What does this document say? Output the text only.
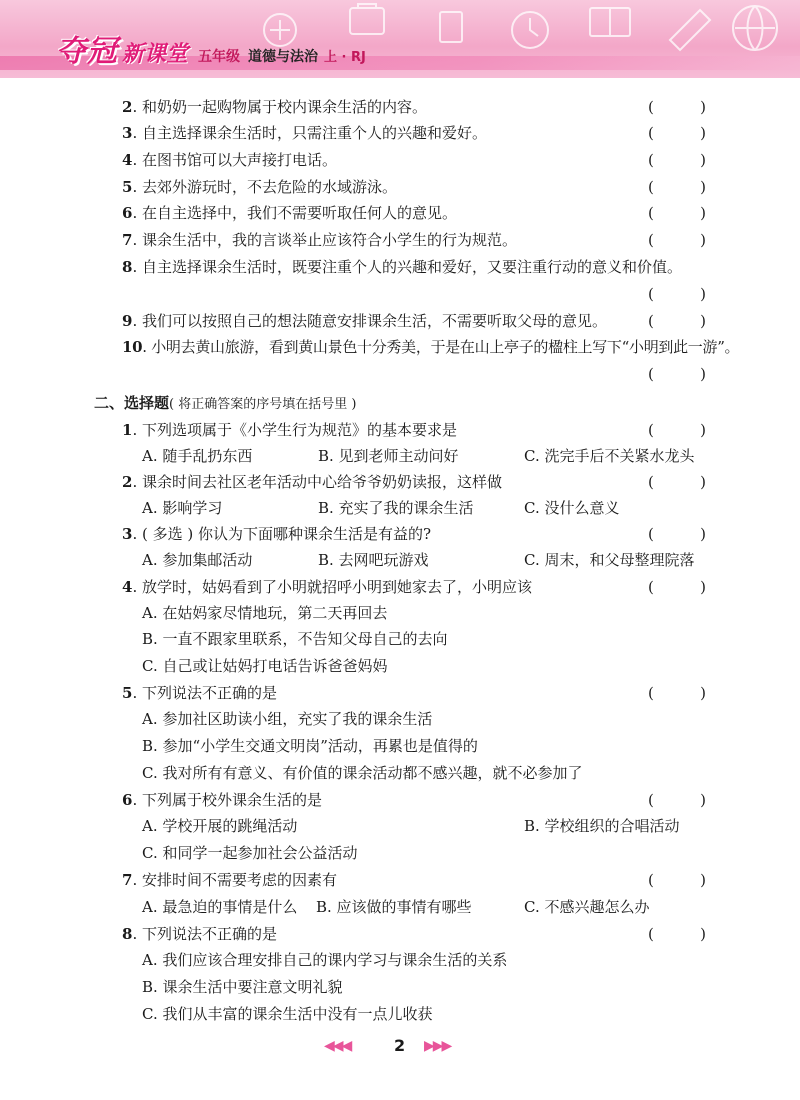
夺冠 新课堂 五年级 道德与法治 上 · RJ
2. 和奶奶一起购物属于校内课余生活的内容。	(	)
3. 自主选择课余生活时，只需注重个人的兴趣和爱好。	(	)
4. 在图书馆可以大声接打电话。	(	)
5. 去郊外游玩时，不去危险的水域游泳。	(	)
6. 在自主选择中，我们不需要听取任何人的意见。	(	)
7. 课余生活中，我的言谈举止应该符合小学生的行为规范。	(	)
8. 自主选择课余生活时，既要注重个人的兴趣和爱好，又要注重行动的意义和价值。
(	)
9. 我们可以按照自己的想法随意安排课余生活，不需要听取父母的意见。	(	)
10. 小明去黄山旅游，看到黄山景色十分秀美，于是在山上亭子的楹柱上写下“小明到此一游”。
(	)
二、选择题( 将正确答案的序号填在括号里 )
1. 下列选项属于《小学生行为规范》的基本要求是	(	)
A. 随手乱扔东西	B. 见到老师主动问好	C. 洗完手后不关紧水龙头
2. 课余时间去社区老年活动中心给爷爷奶奶读报，这样做	(	)
A. 影响学习	B. 充实了我的课余生活	C. 没什么意义
3. ( 多选 ) 你认为下面哪种课余生活是有益的?	(	)
A. 参加集邮活动	B. 去网吧玩游戏	C. 周末，和父母整理院落
4. 放学时，姑妈看到了小明就招呼小明到她家去了，小明应该	(	)
A. 在姑妈家尽情地玩，第二天再回去
B. 一直不跟家里联系，不告知父母自己的去向
C. 自己或让姑妈打电话告诉爸爸妈妈
5. 下列说法不正确的是	(	)
A. 参加社区助读小组，充实了我的课余生活
B. 参加“小学生交通文明岗”活动，再累也是值得的
C. 我对所有有意义、有价值的课余活动都不感兴趣，就不必参加了
6. 下列属于校外课余生活的是	(	)
A. 学校开展的跳绳活动	B. 学校组织的合唱活动
C. 和同学一起参加社会公益活动
7. 安排时间不需要考虑的因素有	(	)
A. 最急迫的事情是什么 B. 应该做的事情有哪些	C. 不感兴趣怎么办
8. 下列说法不正确的是	(	)
A. 我们应该合理安排自己的课内学习与课余生活的关系
B. 课余生活中要注意文明礼貌
C. 我们从丰富的课余生活中没有一点儿收获
◀◀◀	2 ▶▶▶
